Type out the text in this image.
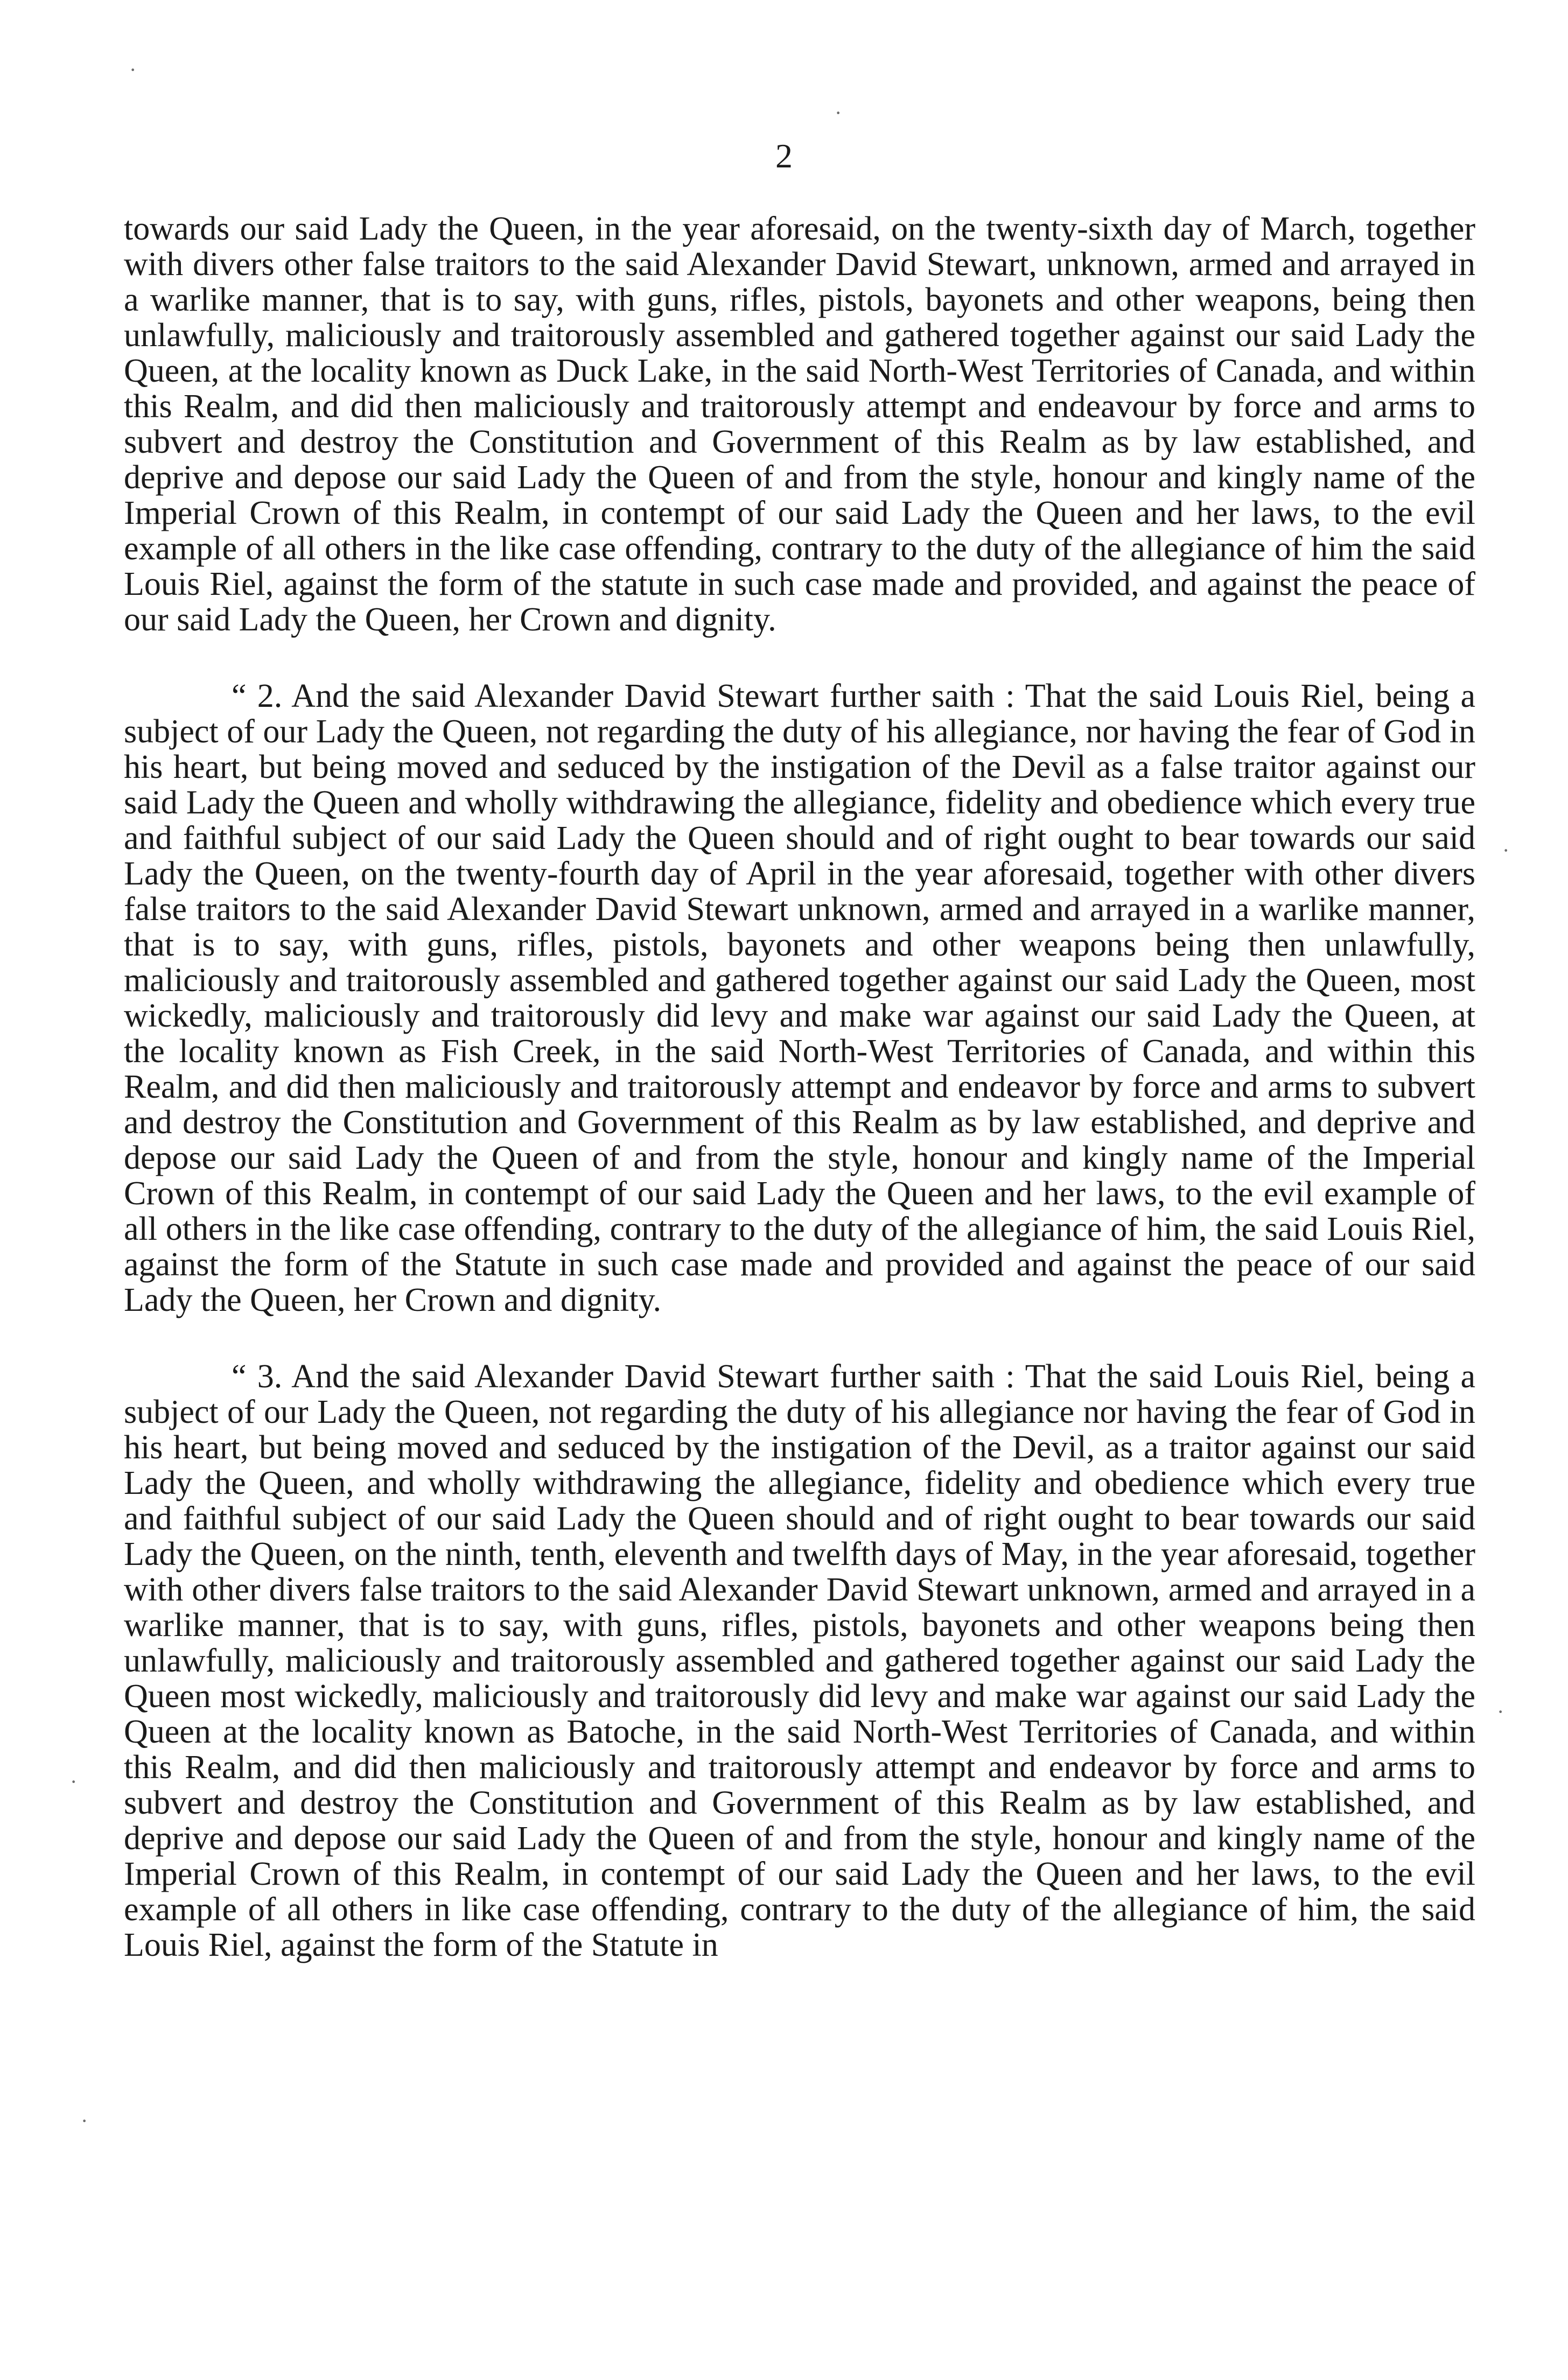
2

towards our said Lady the Queen, in the year aforesaid, on the twenty-sixth day of March, together with divers other false traitors to the said Alexander David Stewart, unknown, armed and arrayed in a warlike manner, that is to say, with guns, rifles, pistols, bayonets and other weapons, being then unlawfully, maliciously and traitorously assembled and gathered together against our said Lady the Queen, at the locality known as Duck Lake, in the said North-West Territories of Canada, and within this Realm, and did then maliciously and traitorously attempt and endeavour by force and arms to subvert and destroy the Constitution and Government of this Realm as by law established, and deprive and depose our said Lady the Queen of and from the style, honour and kingly name of the Imperial Crown of this Realm, in contempt of our said Lady the Queen and her laws, to the evil example of all others in the like case offending, contrary to the duty of the allegiance of him the said Louis Riel, against the form of the statute in such case made and provided, and against the peace of our said Lady the Queen, her Crown and dignity.

“ 2. And the said Alexander David Stewart further saith : That the said Louis Riel, being a subject of our Lady the Queen, not regarding the duty of his allegiance, nor having the fear of God in his heart, but being moved and seduced by the instigation of the Devil as a false traitor against our said Lady the Queen and wholly withdrawing the allegiance, fidelity and obedience which every true and faithful subject of our said Lady the Queen should and of right ought to bear towards our said Lady the Queen, on the twenty-fourth day of April in the year aforesaid, together with other divers false traitors to the said Alexander David Stewart unknown, armed and arrayed in a warlike manner, that is to say, with guns, rifles, pistols, bayonets and other weapons being then unlawfully, maliciously and traitorously assembled and gathered together against our said Lady the Queen, most wickedly, maliciously and traitorously did levy and make war against our said Lady the Queen, at the locality known as Fish Creek, in the said North-West Territories of Canada, and within this Realm, and did then maliciously and traitorously attempt and endeavor by force and arms to subvert and destroy the Constitution and Government of this Realm as by law established, and deprive and depose our said Lady the Queen of and from the style, honour and kingly name of the Imperial Crown of this Realm, in contempt of our said Lady the Queen and her laws, to the evil example of all others in the like case offending, contrary to the duty of the allegiance of him, the said Louis Riel, against the form of the Statute in such case made and provided and against the peace of our said Lady the Queen, her Crown and dignity.

“ 3. And the said Alexander David Stewart further saith : That the said Louis Riel, being a subject of our Lady the Queen, not regarding the duty of his allegiance nor having the fear of God in his heart, but being moved and seduced by the instigation of the Devil, as a traitor against our said Lady the Queen, and wholly withdrawing the allegiance, fidelity and obedience which every true and faithful subject of our said Lady the Queen should and of right ought to bear towards our said Lady the Queen, on the ninth, tenth, eleventh and twelfth days of May, in the year aforesaid, together with other divers false traitors to the said Alexander David Stewart unknown, armed and arrayed in a warlike manner, that is to say, with guns, rifles, pistols, bayonets and other weapons being then unlawfully, maliciously and traitorously assembled and gathered together against our said Lady the Queen most wickedly, maliciously and traitorously did levy and make war against our said Lady the Queen at the locality known as Batoche, in the said North-West Territories of Canada, and within this Realm, and did then maliciously and traitorously attempt and endeavor by force and arms to subvert and destroy the Constitution and Government of this Realm as by law established, and deprive and depose our said Lady the Queen of and from the style, honour and kingly name of the Imperial Crown of this Realm, in contempt of our said Lady the Queen and her laws, to the evil example of all others in like case offending, contrary to the duty of the allegiance of him, the said Louis Riel, against the form of the Statute in

·
·
·
·
·
·
